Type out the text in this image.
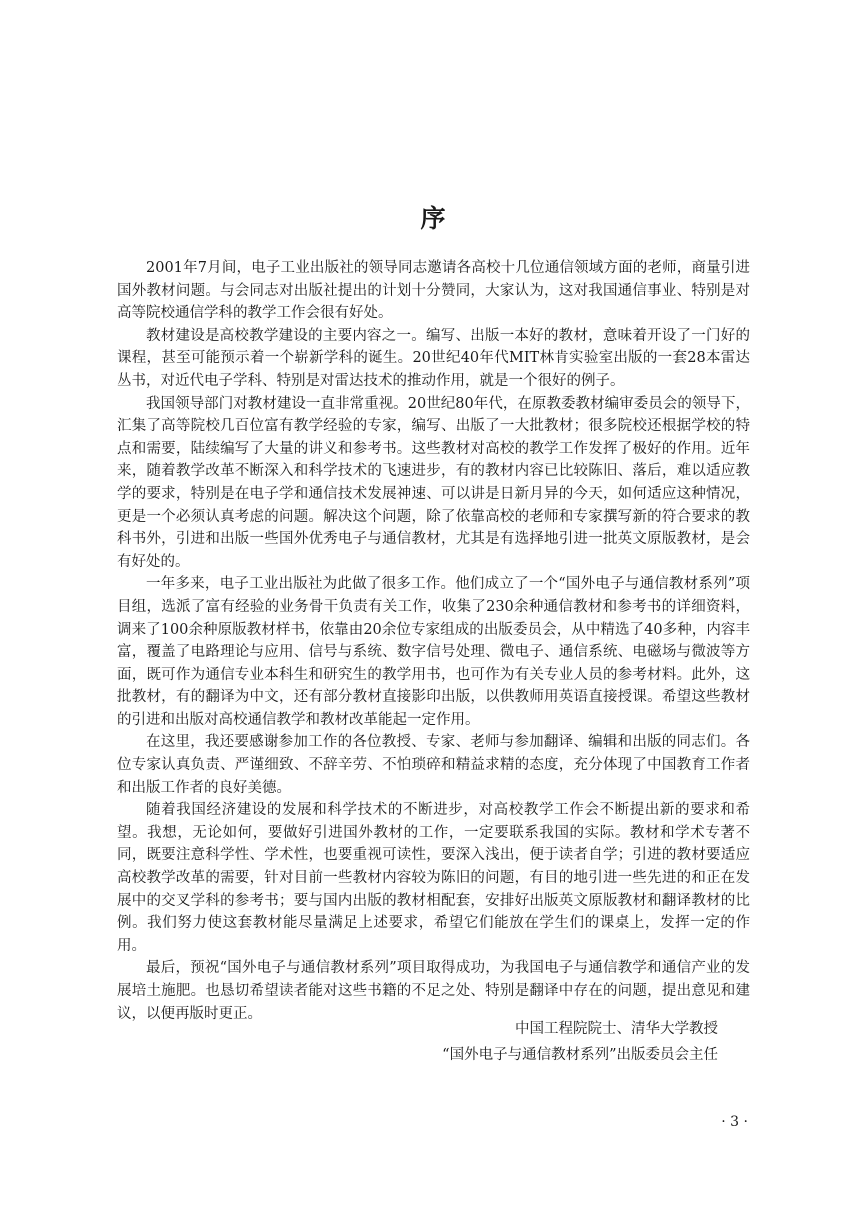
序

2001年7月间，电子工业出版社的领导同志邀请各高校十几位通信领域方面的老师，商量引进国外教材问题。与会同志对出版社提出的计划十分赞同，大家认为，这对我国通信事业、特别是对高等院校通信学科的教学工作会很有好处。

教材建设是高校教学建设的主要内容之一。编写、出版一本好的教材，意味着开设了一门好的课程，甚至可能预示着一个崭新学科的诞生。20世纪40年代MIT林肯实验室出版的一套28本雷达丛书，对近代电子学科、特别是对雷达技术的推动作用，就是一个很好的例子。

我国领导部门对教材建设一直非常重视。20世纪80年代，在原教委教材编审委员会的领导下，汇集了高等院校几百位富有教学经验的专家，编写、出版了一大批教材；很多院校还根据学校的特点和需要，陆续编写了大量的讲义和参考书。这些教材对高校的教学工作发挥了极好的作用。近年来，随着教学改革不断深入和科学技术的飞速进步，有的教材内容已比较陈旧、落后，难以适应教学的要求，特别是在电子学和通信技术发展神速、可以讲是日新月异的今天，如何适应这种情况，更是一个必须认真考虑的问题。解决这个问题，除了依靠高校的老师和专家撰写新的符合要求的教科书外，引进和出版一些国外优秀电子与通信教材，尤其是有选择地引进一批英文原版教材，是会有好处的。

一年多来，电子工业出版社为此做了很多工作。他们成立了一个“国外电子与通信教材系列”项目组，选派了富有经验的业务骨干负责有关工作，收集了230余种通信教材和参考书的详细资料，调来了100余种原版教材样书，依靠由20余位专家组成的出版委员会，从中精选了40多种，内容丰富，覆盖了电路理论与应用、信号与系统、数字信号处理、微电子、通信系统、电磁场与微波等方面，既可作为通信专业本科生和研究生的教学用书，也可作为有关专业人员的参考材料。此外，这批教材，有的翻译为中文，还有部分教材直接影印出版，以供教师用英语直接授课。希望这些教材的引进和出版对高校通信教学和教材改革能起一定作用。

在这里，我还要感谢参加工作的各位教授、专家、老师与参加翻译、编辑和出版的同志们。各位专家认真负责、严谨细致、不辞辛劳、不怕琐碎和精益求精的态度，充分体现了中国教育工作者和出版工作者的良好美德。

随着我国经济建设的发展和科学技术的不断进步，对高校教学工作会不断提出新的要求和希望。我想，无论如何，要做好引进国外教材的工作，一定要联系我国的实际。教材和学术专著不同，既要注意科学性、学术性，也要重视可读性，要深入浅出，便于读者自学；引进的教材要适应高校教学改革的需要，针对目前一些教材内容较为陈旧的问题，有目的地引进一些先进的和正在发展中的交叉学科的参考书；要与国内出版的教材相配套，安排好出版英文原版教材和翻译教材的比例。我们努力使这套教材能尽量满足上述要求，希望它们能放在学生们的课桌上，发挥一定的作用。

最后，预祝“国外电子与通信教材系列”项目取得成功，为我国电子与通信教学和通信产业的发展培土施肥。也恳切希望读者能对这些书籍的不足之处、特别是翻译中存在的问题，提出意见和建议，以便再版时更正。

中国工程院院士、清华大学教授
“国外电子与通信教材系列”出版委员会主任
· 3 ·
